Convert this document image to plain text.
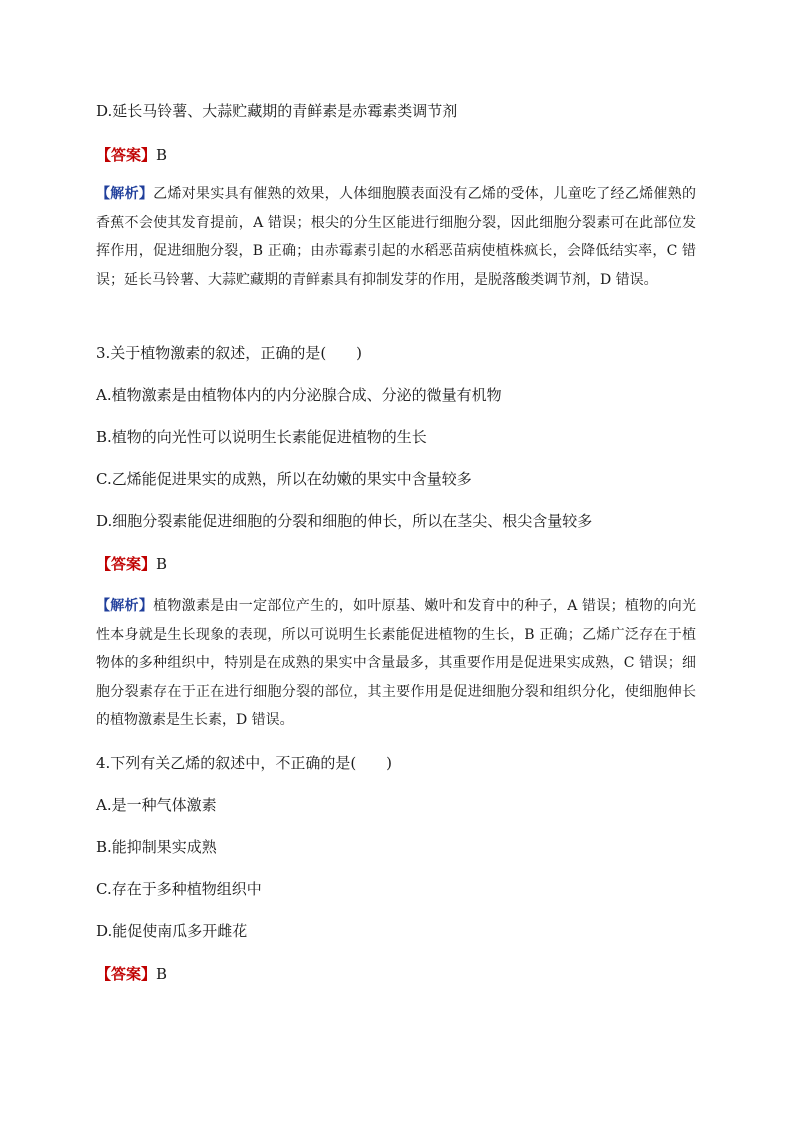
D.延长马铃薯、大蒜贮藏期的青鲜素是赤霉素类调节剂
【答案】B
【解析】乙烯对果实具有催熟的效果，人体细胞膜表面没有乙烯的受体，儿童吃了经乙烯催熟的香蕉不会使其发育提前，A 错误；根尖的分生区能进行细胞分裂，因此细胞分裂素可在此部位发挥作用，促进细胞分裂，B 正确；由赤霉素引起的水稻恶苗病使植株疯长，会降低结实率，C 错误；延长马铃薯、大蒜贮藏期的青鲜素具有抑制发芽的作用，是脱落酸类调节剂，D 错误。
3.关于植物激素的叙述，正确的是(　　)
A.植物激素是由植物体内的内分泌腺合成、分泌的微量有机物
B.植物的向光性可以说明生长素能促进植物的生长
C.乙烯能促进果实的成熟，所以在幼嫩的果实中含量较多
D.细胞分裂素能促进细胞的分裂和细胞的伸长，所以在茎尖、根尖含量较多
【答案】B
【解析】植物激素是由一定部位产生的，如叶原基、嫩叶和发育中的种子，A 错误；植物的向光性本身就是生长现象的表现，所以可说明生长素能促进植物的生长，B 正确；乙烯广泛存在于植物体的多种组织中，特别是在成熟的果实中含量最多，其重要作用是促进果实成熟，C 错误；细胞分裂素存在于正在进行细胞分裂的部位，其主要作用是促进细胞分裂和组织分化，使细胞伸长的植物激素是生长素，D 错误。
4.下列有关乙烯的叙述中，不正确的是(　　)
A.是一种气体激素
B.能抑制果实成熟
C.存在于多种植物组织中
D.能促使南瓜多开雌花
【答案】B
